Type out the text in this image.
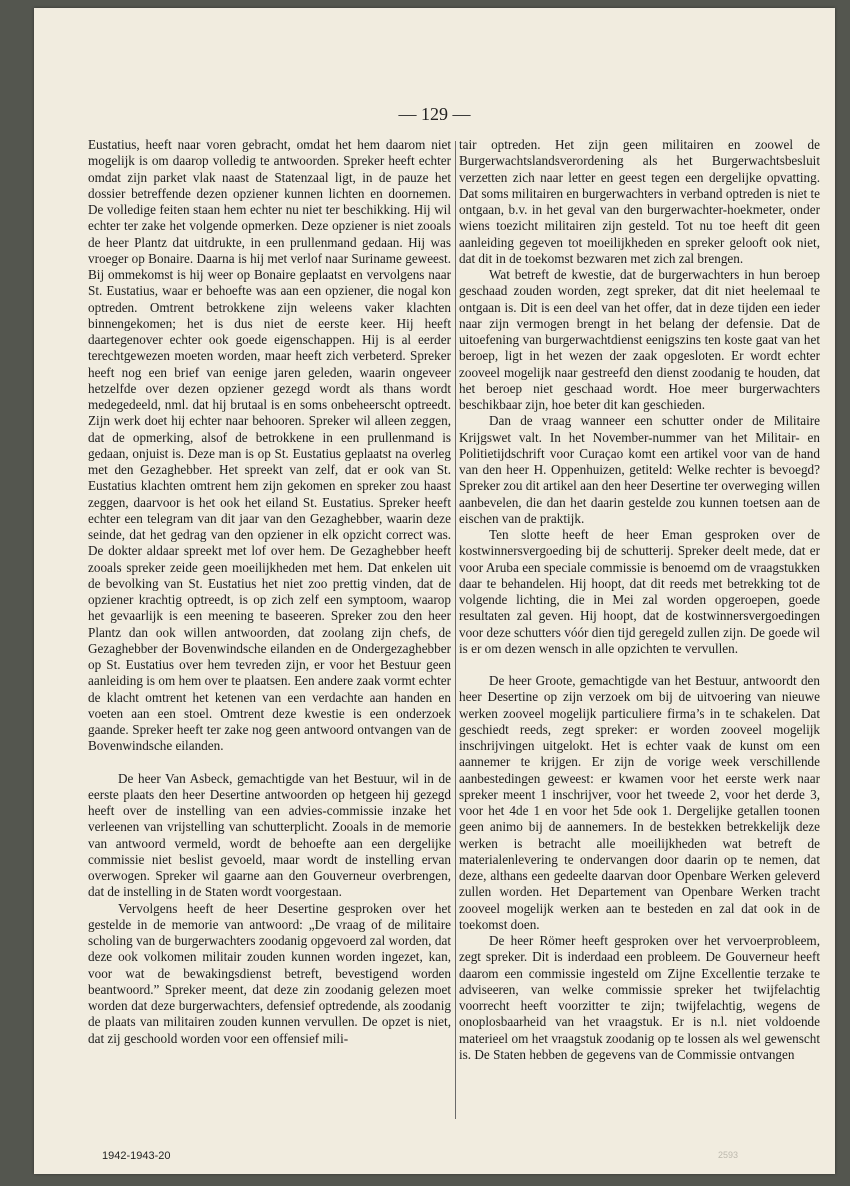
— 129 —

Eustatius, heeft naar voren gebracht, omdat het hem daarom niet mogelijk is om daarop volledig te antwoorden. Spreker heeft echter omdat zijn parket vlak naast de Statenzaal ligt, in de pauze het dossier betreffende dezen opziener kunnen lichten en doornemen. De volledige feiten staan hem echter nu niet ter beschikking. Hij wil echter ter zake het volgende opmerken. Deze opziener is niet zooals de heer Plantz dat uitdrukte, in een prullenmand gedaan. Hij was vroeger op Bonaire. Daarna is hij met verlof naar Suriname geweest. Bij ommekomst is hij weer op Bonaire geplaatst en vervolgens naar St. Eustatius, waar er behoefte was aan een opziener, die nogal kon optreden. Omtrent betrokkene zijn weleens vaker klachten binnengekomen; het is dus niet de eerste keer. Hij heeft daartegenover echter ook goede eigenschappen. Hij is al eerder terechtgewezen moeten worden, maar heeft zich verbeterd. Spreker heeft nog een brief van eenige jaren geleden, waarin ongeveer hetzelfde over dezen opziener gezegd wordt als thans wordt medegedeeld, nml. dat hij brutaal is en soms onbeheerscht optreedt. Zijn werk doet hij echter naar behooren. Spreker wil alleen zeggen, dat de opmerking, alsof de betrokkene in een prullenmand is gedaan, onjuist is. Deze man is op St. Eustatius geplaatst na overleg met den Gezaghebber. Het spreekt van zelf, dat er ook van St. Eustatius klachten omtrent hem zijn gekomen en spreker zou haast zeggen, daarvoor is het ook het eiland St. Eustatius. Spreker heeft echter een telegram van dit jaar van den Gezaghebber, waarin deze seinde, dat het gedrag van den opziener in elk opzicht correct was. De dokter aldaar spreekt met lof over hem. De Gezaghebber heeft zooals spreker zeide geen moeilijkheden met hem. Dat enkelen uit de bevolking van St. Eustatius het niet zoo prettig vinden, dat de opziener krachtig optreedt, is op zich zelf een symptoom, waarop het gevaarlijk is een meening te baseeren. Spreker zou den heer Plantz dan ook willen antwoorden, dat zoolang zijn chefs, de Gezaghebber der Bovenwindsche eilanden en de Ondergezaghebber op St. Eustatius over hem tevreden zijn, er voor het Bestuur geen aanleiding is om hem over te plaatsen. Een andere zaak vormt echter de klacht omtrent het ketenen van een verdachte aan handen en voeten aan een stoel. Omtrent deze kwestie is een onderzoek gaande. Spreker heeft ter zake nog geen antwoord ontvangen van de Bovenwindsche eilanden.

De heer Van Asbeck, gemachtigde van het Bestuur, wil in de eerste plaats den heer Desertine antwoorden op hetgeen hij gezegd heeft over de instelling van een advies-commissie inzake het verleenen van vrijstelling van schutterplicht. Zooals in de memorie van antwoord vermeld, wordt de behoefte aan een dergelijke commissie niet beslist gevoeld, maar wordt de instelling ervan overwogen. Spreker wil gaarne aan den Gouverneur overbrengen, dat de instelling in de Staten wordt voorgestaan.

Vervolgens heeft de heer Desertine gesproken over het gestelde in de memorie van antwoord: „De vraag of de militaire scholing van de burgerwachters zoodanig opgevoerd zal worden, dat deze ook volkomen militair zouden kunnen worden ingezet, kan, voor wat de bewakingsdienst betreft, bevestigend worden beantwoord.” Spreker meent, dat deze zin zoodanig gelezen moet worden dat deze burgerwachters, defensief optredende, als zoodanig de plaats van militairen zouden kunnen vervullen. De opzet is niet, dat zij geschoold worden voor een offensief mili-

tair optreden. Het zijn geen militairen en zoowel de Burgerwachtslandsverordening als het Burgerwachtsbesluit verzetten zich naar letter en geest tegen een dergelijke opvatting. Dat soms militairen en burgerwachters in verband optreden is niet te ontgaan, b.v. in het geval van den burgerwachter-hoekmeter, onder wiens toezicht militairen zijn gesteld. Tot nu toe heeft dit geen aanleiding gegeven tot moeilijkheden en spreker gelooft ook niet, dat dit in de toekomst bezwaren met zich zal brengen.

Wat betreft de kwestie, dat de burgerwachters in hun beroep geschaad zouden worden, zegt spreker, dat dit niet heelemaal te ontgaan is. Dit is een deel van het offer, dat in deze tijden een ieder naar zijn vermogen brengt in het belang der defensie. Dat de uitoefening van burgerwachtdienst eenigszins ten koste gaat van het beroep, ligt in het wezen der zaak opgesloten. Er wordt echter zooveel mogelijk naar gestreefd den dienst zoodanig te houden, dat het beroep niet geschaad wordt. Hoe meer burgerwachters beschikbaar zijn, hoe beter dit kan geschieden.

Dan de vraag wanneer een schutter onder de Militaire Krijgswet valt. In het November-nummer van het Militair- en Politietijdschrift voor Curaçao komt een artikel voor van de hand van den heer H. Oppenhuizen, getiteld: Welke rechter is bevoegd? Spreker zou dit artikel aan den heer Desertine ter overweging willen aanbevelen, die dan het daarin gestelde zou kunnen toetsen aan de eischen van de praktijk.

Ten slotte heeft de heer Eman gesproken over de kostwinnersvergoeding bij de schutterij. Spreker deelt mede, dat er voor Aruba een speciale commissie is benoemd om de vraagstukken daar te behandelen. Hij hoopt, dat dit reeds met betrekking tot de volgende lichting, die in Mei zal worden opgeroepen, goede resultaten zal geven. Hij hoopt, dat de kostwinnersvergoedingen voor deze schutters vóór dien tijd geregeld zullen zijn. De goede wil is er om dezen wensch in alle opzichten te vervullen.

De heer Groote, gemachtigde van het Bestuur, antwoordt den heer Desertine op zijn verzoek om bij de uitvoering van nieuwe werken zooveel mogelijk particuliere firma’s in te schakelen. Dat geschiedt reeds, zegt spreker: er worden zooveel mogelijk inschrijvingen uitgelokt. Het is echter vaak de kunst om een aannemer te krijgen. Er zijn de vorige week verschillende aanbestedingen geweest: er kwamen voor het eerste werk naar spreker meent 1 inschrijver, voor het tweede 2, voor het derde 3, voor het 4de 1 en voor het 5de ook 1. Dergelijke getallen toonen geen animo bij de aannemers. In de bestekken betrekkelijk deze werken is betracht alle moeilijkheden wat betreft de materialenlevering te ondervangen door daarin op te nemen, dat deze, althans een gedeelte daarvan door Openbare Werken geleverd zullen worden. Het Departement van Openbare Werken tracht zooveel mogelijk werken aan te besteden en zal dat ook in de toekomst doen.

De heer Römer heeft gesproken over het vervoerprobleem, zegt spreker. Dit is inderdaad een probleem. De Gouverneur heeft daarom een commissie ingesteld om Zijne Excellentie terzake te adviseeren, van welke commissie spreker het twijfelachtig voorrecht heeft voorzitter te zijn; twijfelachtig, wegens de onoplosbaarheid van het vraagstuk. Er is n.l. niet voldoende materieel om het vraagstuk zoodanig op te lossen als wel gewenscht is. De Staten hebben de gegevens van de Commissie ontvangen

1942-1943-20	2593
